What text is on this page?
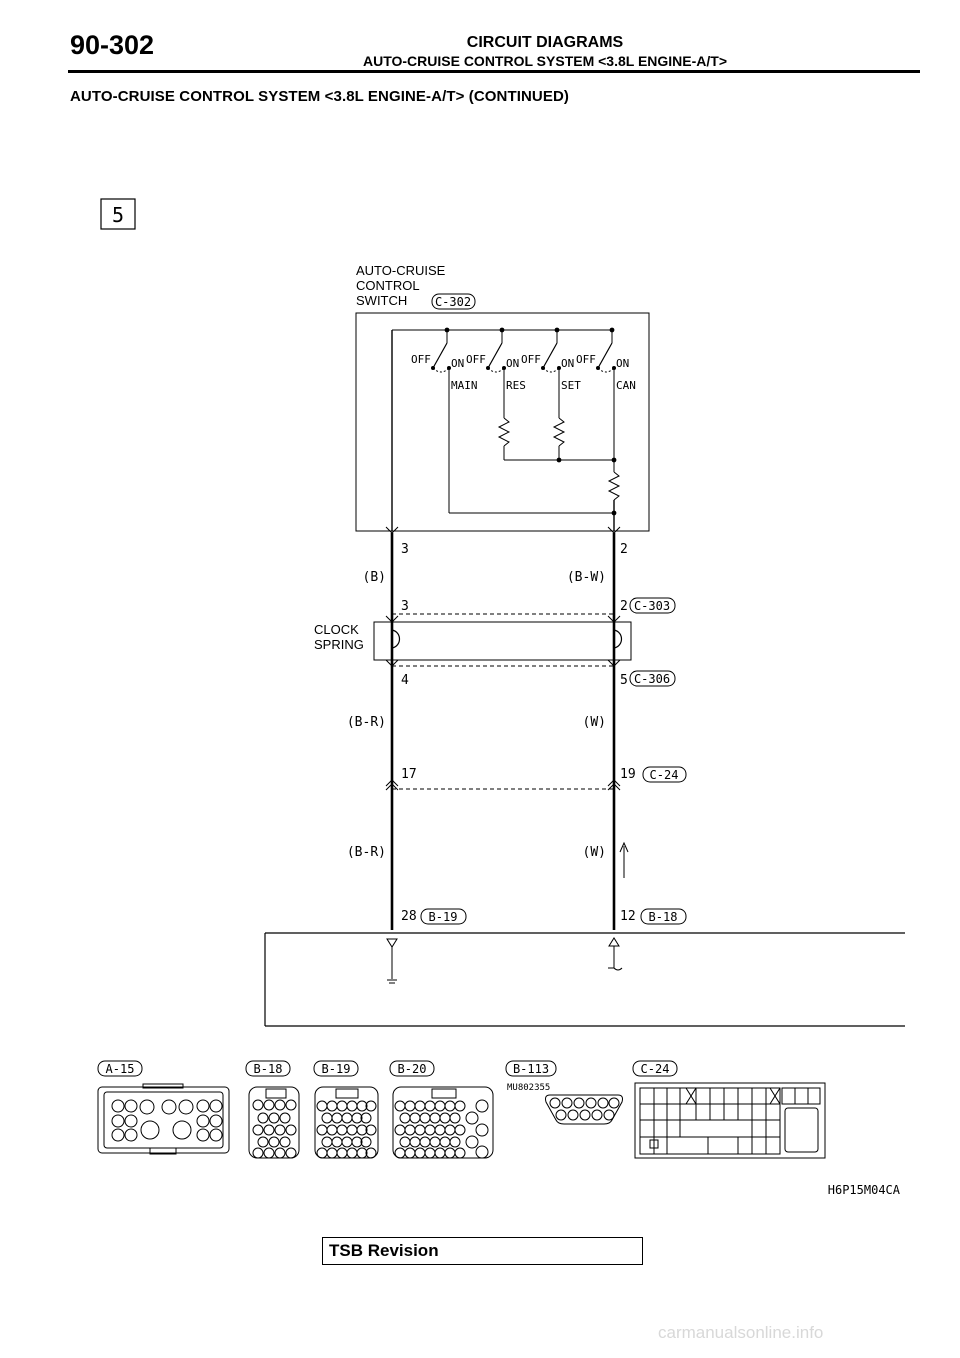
90-302	CIRCUIT DIAGRAMS
AUTO-CRUISE CONTROL SYSTEM <3.8L ENGINE-A/T>
AUTO-CRUISE CONTROL SYSTEM <3.8L ENGINE-A/T> (CONTINUED)
5
AUTO-CRUISE
CONTROL
SWITCH C-302
OFF ON
MAIN
OFF ON
RES
OFF ON
SET
OFF ON
CAN
3	2
(B)	(B-W)
3	2 C-303
CLOCK
SPRING
4	5 C-306
(B-R)	(W)
17	19 C-24
(B-R)	(W)
28 B-19	12 B-18
A-15	B-18	B-19	B-20	B-113	C-24
MU802355
H6P15M04CA
TSB Revision
carmanualsonline.info
